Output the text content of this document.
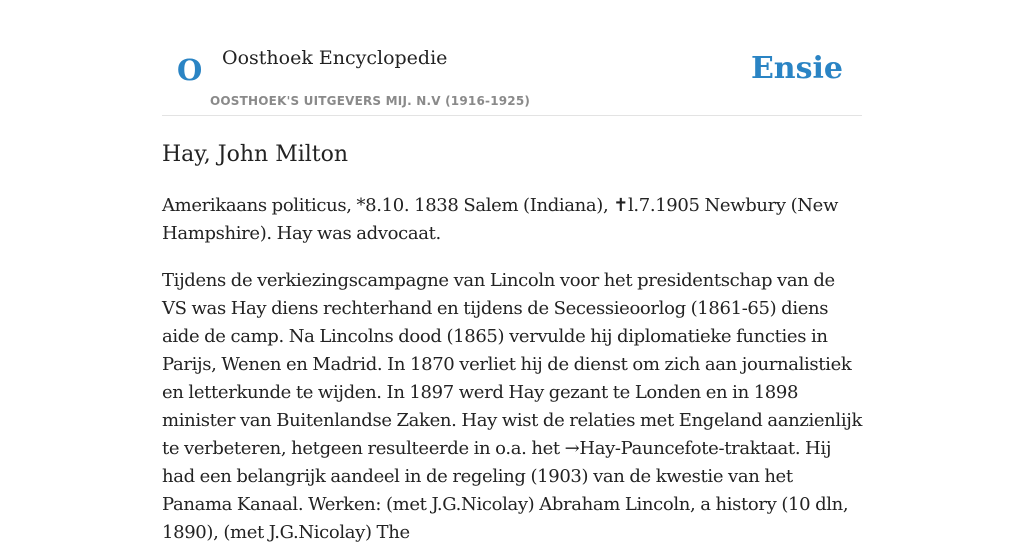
O Oosthoek Encyclopedie
OOSTHOEK'S UITGEVERS MIJ. N.V (1916-1925)
Ensie
Hay, John Milton

Amerikaans politicus, *8.10. 1838 Salem (Indiana), ✝l.7.1905 Newbury (New Hampshire). Hay was advocaat.

Tijdens de verkiezingscampagne van Lincoln voor het presidentschap van de VS was Hay diens rechterhand en tijdens de Secessieoorlog (1861-65) diens aide de camp. Na Lincolns dood (1865) vervulde hij diplomatieke functies in Parijs, Wenen en Madrid. In 1870 verliet hij de dienst om zich aan journalistiek en letterkunde te wijden. In 1897 werd Hay gezant te Londen en in 1898 minister van Buitenlandse Zaken. Hay wist de relaties met Engeland aanzienlijk te verbeteren, hetgeen resulteerde in o.a. het →Hay-Pauncefote-traktaat. Hij had een belangrijk aandeel in de regeling (1903) van de kwestie van het Panama Kanaal. Werken: (met J.G.Nicolay) Abraham Lincoln, a history (10 dln, 1890), (met J.G.Nicolay) The
